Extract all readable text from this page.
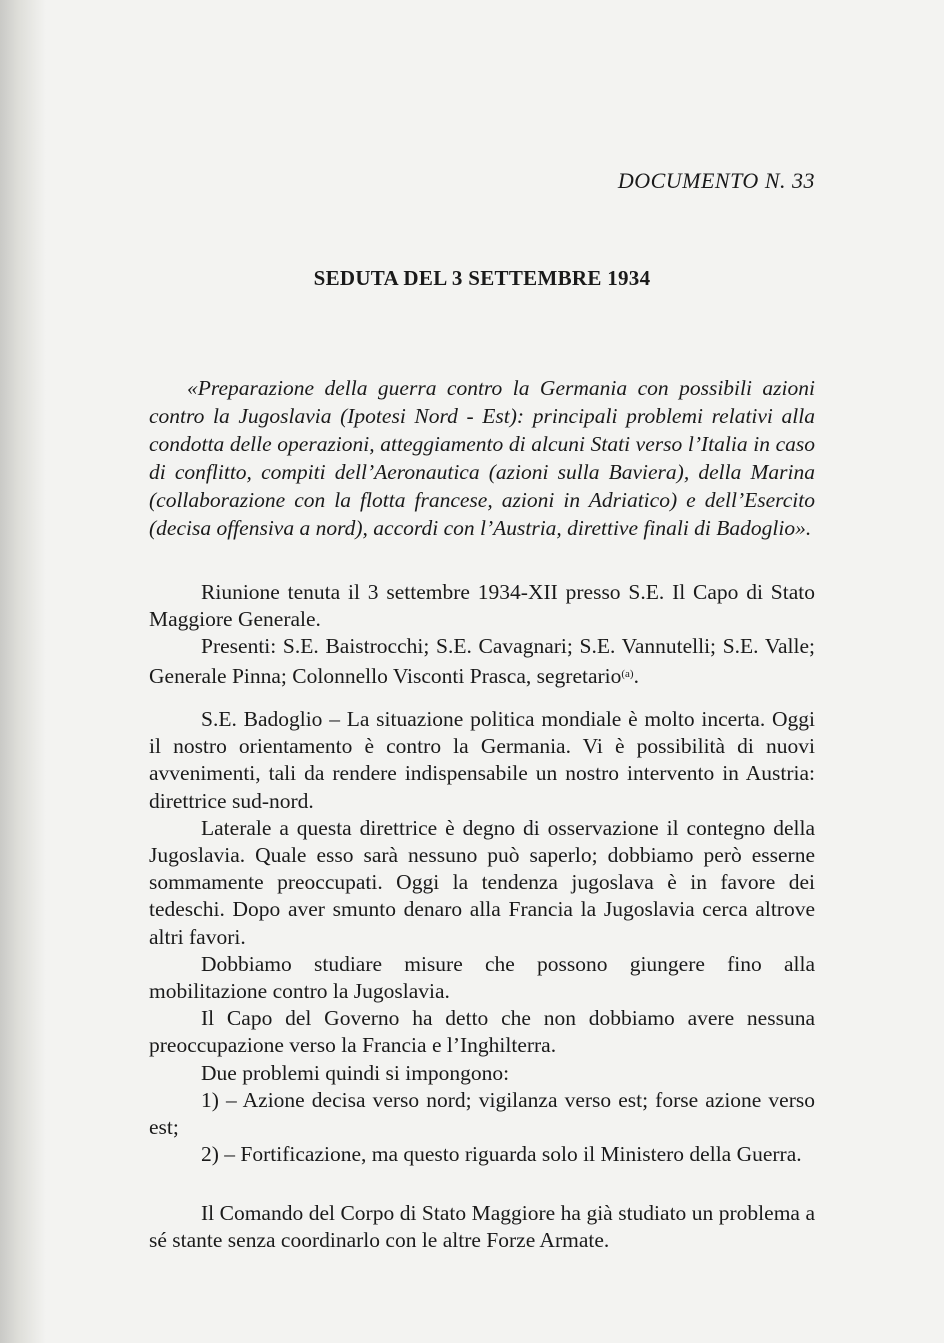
DOCUMENTO N. 33
SEDUTA DEL 3 SETTEMBRE 1934

«Preparazione della guerra contro la Germania con possibili azioni contro la Jugoslavia (Ipotesi Nord - Est): principali problemi relativi alla condotta delle operazioni, atteggiamento di alcuni Stati verso l’Italia in caso di conflitto, compiti dell’Aeronautica (azioni sulla Baviera), della Marina (collaborazione con la flotta francese, azioni in Adriatico) e dell’Esercito (decisa offensiva a nord), accordi con l’Austria, direttive finali di Badoglio».

Riunione tenuta il 3 settembre 1934-XII presso S.E. Il Capo di Stato Maggiore Generale.

Presenti: S.E. Baistrocchi; S.E. Cavagnari; S.E. Vannutelli; S.E. Valle; Generale Pinna; Colonnello Visconti Prasca, segretario$^{(a)}$.

S.E. Badoglio – La situazione politica mondiale è molto incerta. Oggi il nostro orientamento è contro la Germania. Vi è possibilità di nuovi avvenimenti, tali da rendere indispensabile un nostro intervento in Austria: direttrice sud-nord.

Laterale a questa direttrice è degno di osservazione il contegno della Jugoslavia. Quale esso sarà nessuno può saperlo; dobbiamo però esserne sommamente preoccupati. Oggi la tendenza jugoslava è in favore dei tedeschi. Dopo aver smunto denaro alla Francia la Jugoslavia cerca altrove altri favori.

Dobbiamo studiare misure che possono giungere fino alla mobilitazione contro la Jugoslavia.

Il Capo del Governo ha detto che non dobbiamo avere nessuna preoccupazione verso la Francia e l’Inghilterra.

Due problemi quindi si impongono:

1) – Azione decisa verso nord; vigilanza verso est; forse azione verso est;

2) – Fortificazione, ma questo riguarda solo il Ministero della Guerra.

Il Comando del Corpo di Stato Maggiore ha già studiato un problema a sé stante senza coordinarlo con le altre Forze Armate.
